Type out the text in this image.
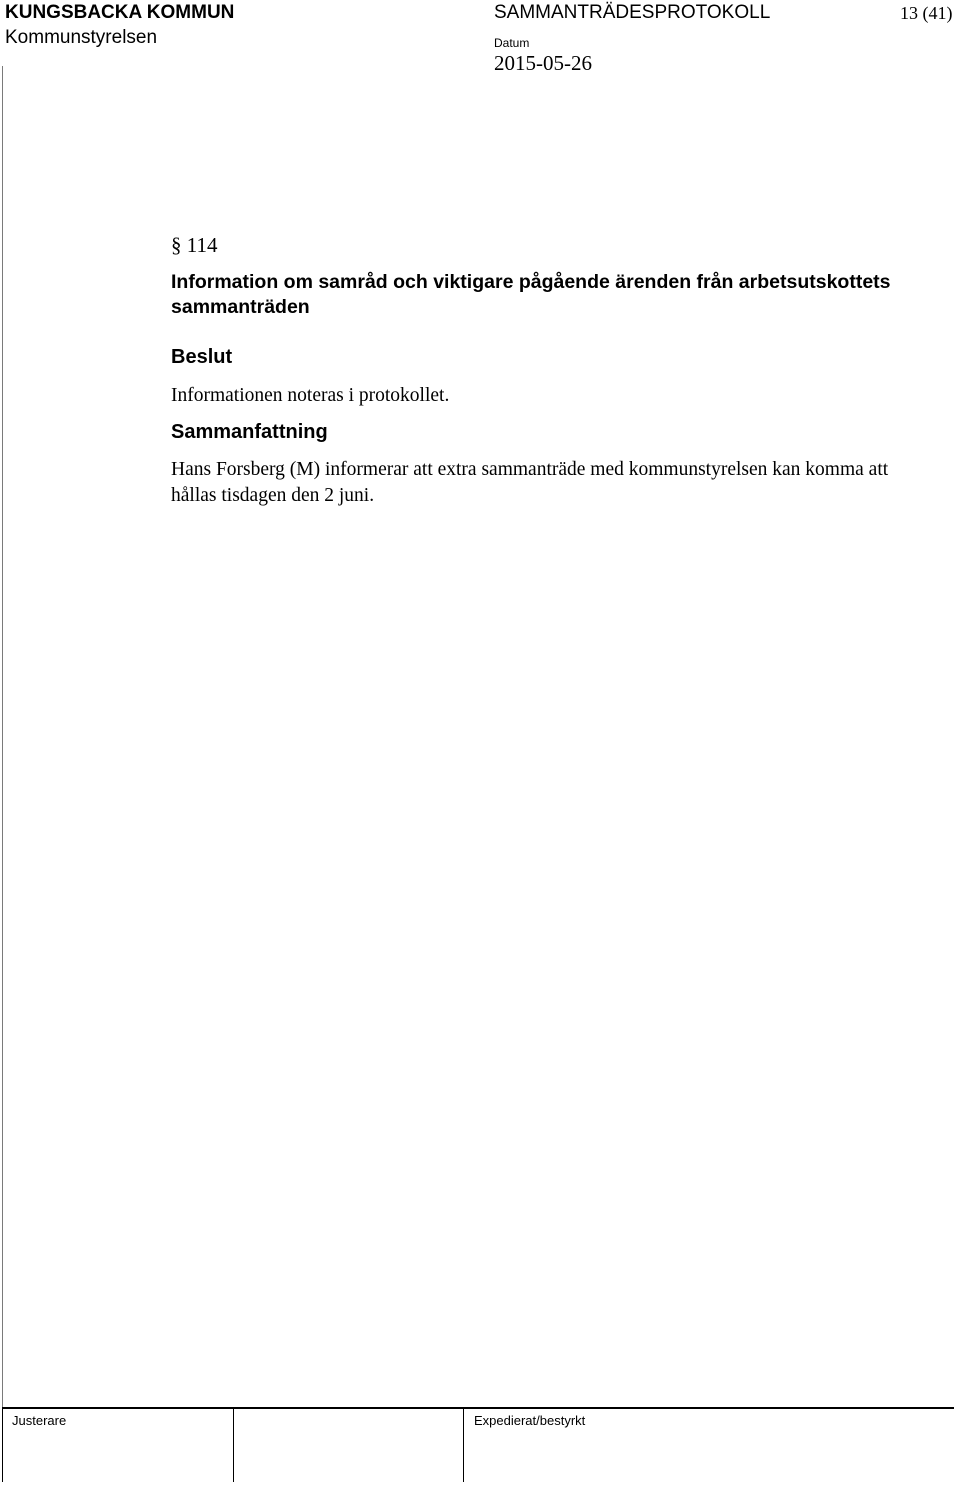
KUNGSBACKA KOMMUN
Kommunstyrelsen
SAMMANTRÄDESPROTOKOLL	13 (41)
Datum
2015-05-26
§ 114
Information om samråd och viktigare pågående ärenden från arbetsutskottets sammanträden
Beslut
Informationen noteras i protokollet.
Sammanfattning
Hans Forsberg (M) informerar att extra sammanträde med kommunstyrelsen kan komma att hållas tisdagen den 2 juni.
Justerare	Expedierat/bestyrkt
